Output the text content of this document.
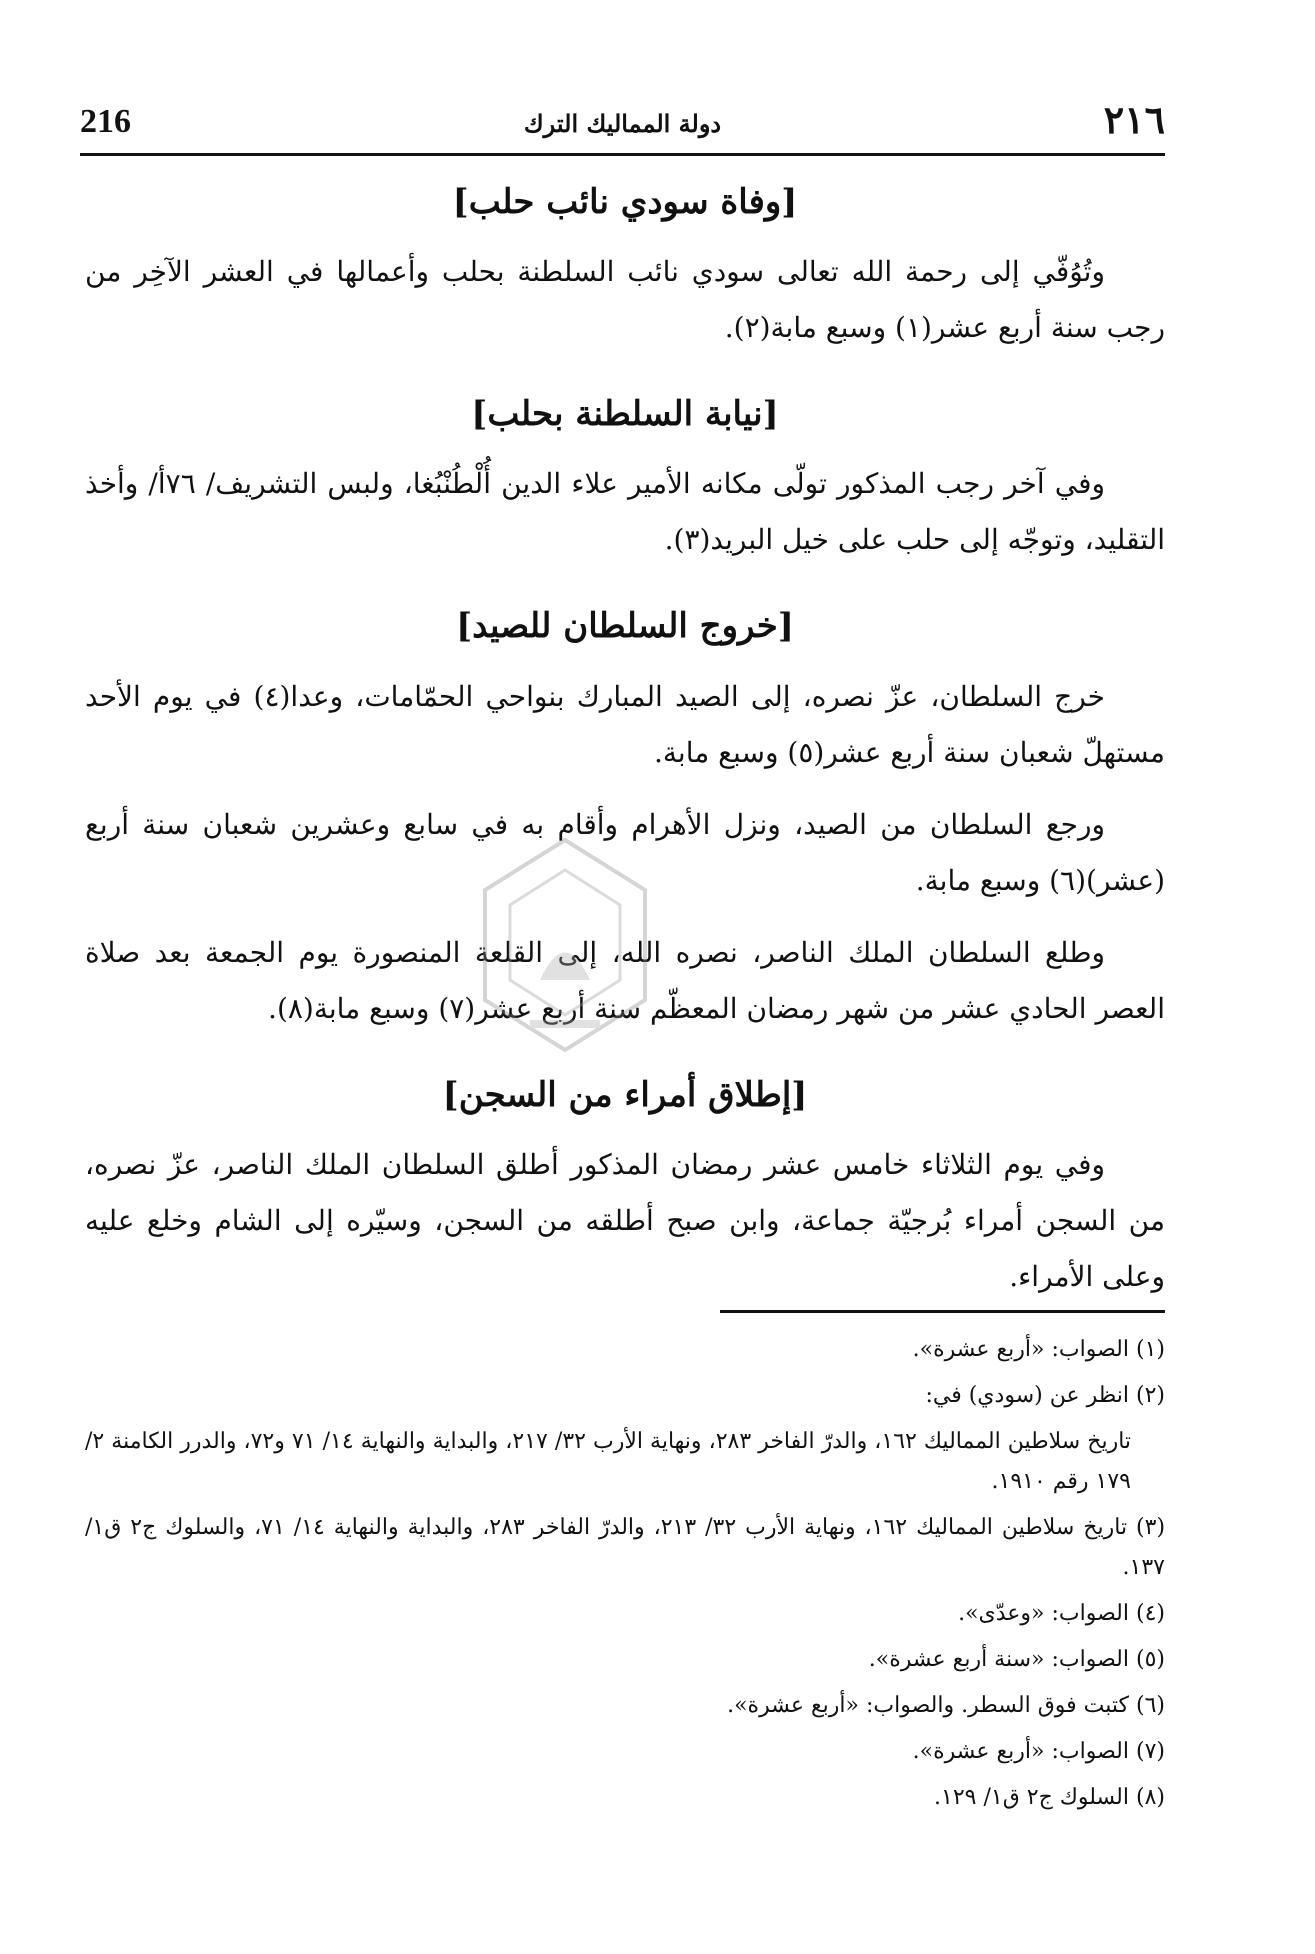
216	دولة المماليك الترك	٢١٦
[وفاة سودي نائب حلب]

وتُوُفّي إلى رحمة الله تعالى سودي نائب السلطنة بحلب وأعمالها في العشر الآخِر من رجب سنة أربع عشر(١) وسبع مابة(٢).

[نيابة السلطنة بحلب]

وفي آخر رجب المذكور تولّى مكانه الأمير علاء الدين أُلْطُنْبُغا، ولبس التشريف/ ٧٦أ/ وأخذ التقليد، وتوجّه إلى حلب على خيل البريد(٣).

[خروج السلطان للصيد]

خرج السلطان، عزّ نصره، إلى الصيد المبارك بنواحي الحمّامات، وعدا(٤) في يوم الأحد مستهلّ شعبان سنة أربع عشر(٥) وسبع مابة.

ورجع السلطان من الصيد، ونزل الأهرام وأقام به في سابع وعشرين شعبان سنة أربع (عشر)(٦) وسبع مابة.

وطلع السلطان الملك الناصر، نصره الله، إلى القلعة المنصورة يوم الجمعة بعد صلاة العصر الحادي عشر من شهر رمضان المعظّم سنة أربع عشر(٧) وسبع مابة(٨).

[إطلاق أمراء من السجن]

وفي يوم الثلاثاء خامس عشر رمضان المذكور أطلق السلطان الملك الناصر، عزّ نصره، من السجن أمراء بُرجيّة جماعة، وابن صبح أطلقه من السجن، وسيّره إلى الشام وخلع عليه وعلى الأمراء.

(١) الصواب: «أربع عشرة».

(٢) انظر عن (سودي) في:

تاريخ سلاطين المماليك ١٦٢، والدرّ الفاخر ٢٨٣، ونهاية الأرب ٣٢/ ٢١٧، والبداية والنهاية ١٤/ ٧١ و٧٢، والدرر الكامنة ٢/ ١٧٩ رقم ١٩١٠.

(٣) تاريخ سلاطين المماليك ١٦٢، ونهاية الأرب ٣٢/ ٢١٣، والدرّ الفاخر ٢٨٣، والبداية والنهاية ١٤/ ٧١، والسلوك ج٢ ق١/ ١٣٧.

(٤) الصواب: «وعدّى».

(٥) الصواب: «سنة أربع عشرة».

(٦) كتبت فوق السطر. والصواب: «أربع عشرة».

(٧) الصواب: «أربع عشرة».

(٨) السلوك ج٢ ق١/ ١٢٩.
